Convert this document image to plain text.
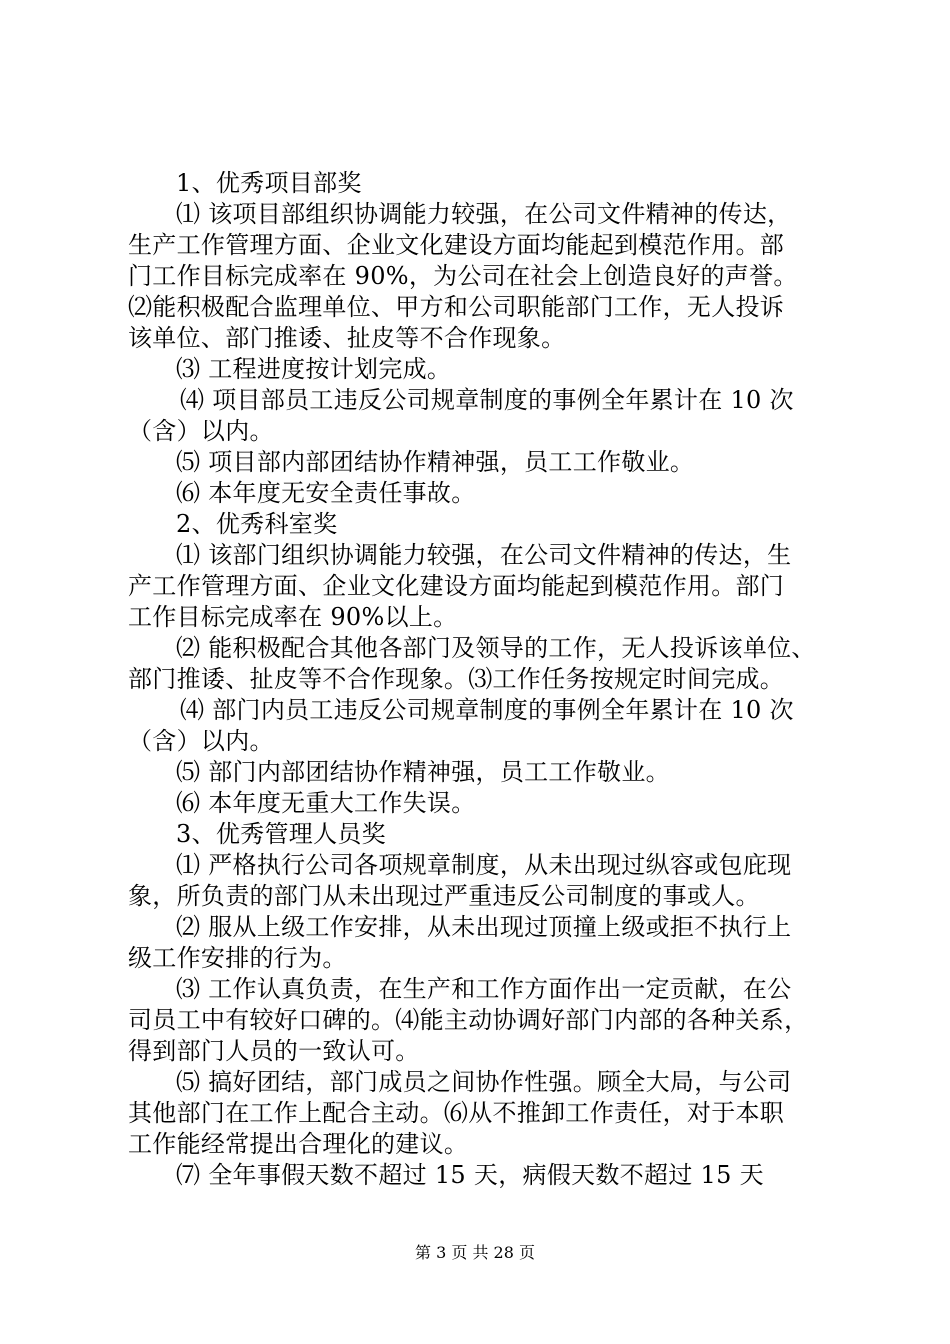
1、优秀项目部奖
⑴ 该项目部组织协调能力较强，在公司文件精神的传达，
生产工作管理方面、企业文化建设方面均能起到模范作用。部
门工作目标完成率在 90%，为公司在社会上创造良好的声誉。
⑵能积极配合监理单位、甲方和公司职能部门工作，无人投诉
该单位、部门推诿、扯皮等不合作现象。
⑶ 工程进度按计划完成。
⑷ 项目部员工违反公司规章制度的事例全年累计在 10 次
（含）以内。
⑸ 项目部内部团结协作精神强，员工工作敬业。
⑹ 本年度无安全责任事故。
2、优秀科室奖
⑴ 该部门组织协调能力较强，在公司文件精神的传达，生
产工作管理方面、企业文化建设方面均能起到模范作用。部门
工作目标完成率在 90%以上。
⑵ 能积极配合其他各部门及领导的工作，无人投诉该单位、
部门推诿、扯皮等不合作现象。⑶工作任务按规定时间完成。
⑷ 部门内员工违反公司规章制度的事例全年累计在 10 次
（含）以内。
⑸ 部门内部团结协作精神强，员工工作敬业。
⑹ 本年度无重大工作失误。
3、优秀管理人员奖
⑴ 严格执行公司各项规章制度，从未出现过纵容或包庇现
象，所负责的部门从未出现过严重违反公司制度的事或人。
⑵ 服从上级工作安排，从未出现过顶撞上级或拒不执行上
级工作安排的行为。
⑶ 工作认真负责，在生产和工作方面作出一定贡献，在公
司员工中有较好口碑的。⑷能主动协调好部门内部的各种关系，
得到部门人员的一致认可。
⑸ 搞好团结，部门成员之间协作性强。顾全大局，与公司
其他部门在工作上配合主动。⑹从不推卸工作责任，对于本职
工作能经常提出合理化的建议。
⑺ 全年事假天数不超过 15 天，病假天数不超过 15 天
第 3 页 共 28 页
